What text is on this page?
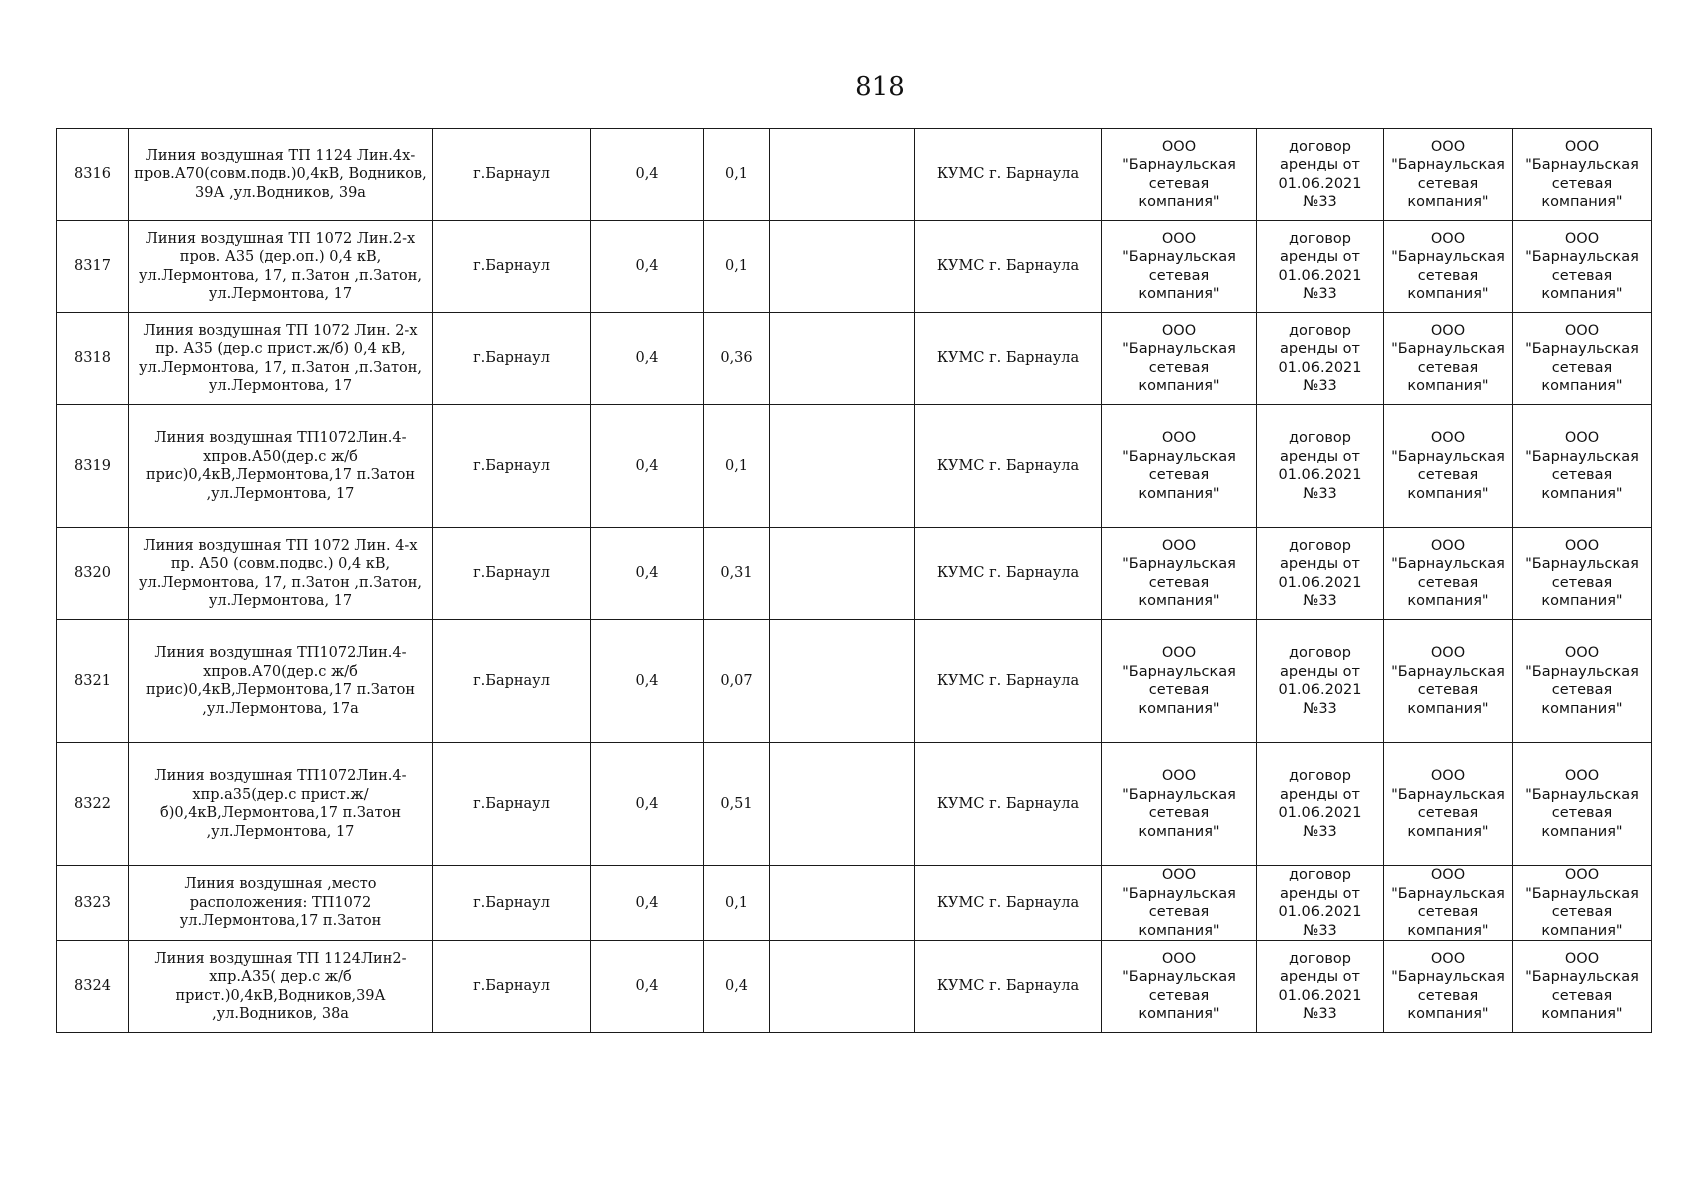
818
8316	Линия воздушная ТП 1124 Лин.4х-пров.А70(совм.подв.)0,4кВ, Водников, 39А ,ул.Водников, 39а	г.Барнаул	0,4	0,1		КУМС г. Барнаула	ООО
"Барнаульская
сетевая компания"	договор
аренды от
01.06.2021
№33	ООО
"Барнаульская
сетевая
компания"	ООО
"Барнаульская
сетевая
компания"

8317	Линия воздушная ТП 1072 Лин.2-х пров. А35 (дер.оп.) 0,4 кВ, ул.Лермонтова, 17, п.Затон ,п.Затон, ул.Лермонтова, 17	г.Барнаул	0,4	0,1		КУМС г. Барнаула	ООО
"Барнаульская
сетевая компания"	договор
аренды от
01.06.2021
№33	ООО
"Барнаульская
сетевая
компания"	ООО
"Барнаульская
сетевая
компания"

8318	Линия воздушная ТП 1072 Лин. 2-х пр. А35 (дер.с прист.ж/б) 0,4 кВ, ул.Лермонтова, 17, п.Затон ,п.Затон, ул.Лермонтова, 17	г.Барнаул	0,4	0,36		КУМС г. Барнаула	ООО
"Барнаульская
сетевая компания"	договор
аренды от
01.06.2021
№33	ООО
"Барнаульская
сетевая
компания"	ООО
"Барнаульская
сетевая
компания"

8319	Линия воздушная ТП1072Лин.4-хпров.А50(дер.с ж/б прис)0,4кВ,Лермонтова,17 п.Затон ,ул.Лермонтова, 17	г.Барнаул	0,4	0,1		КУМС г. Барнаула	ООО
"Барнаульская
сетевая компания"	договор
аренды от
01.06.2021
№33	ООО
"Барнаульская
сетевая
компания"	ООО
"Барнаульская
сетевая
компания"

8320	Линия воздушная ТП 1072 Лин. 4-х пр. А50 (совм.подвс.) 0,4 кВ, ул.Лермонтова, 17, п.Затон ,п.Затон, ул.Лермонтова, 17	г.Барнаул	0,4	0,31		КУМС г. Барнаула	ООО
"Барнаульская
сетевая компания"	договор
аренды от
01.06.2021
№33	ООО
"Барнаульская
сетевая
компания"	ООО
"Барнаульская
сетевая
компания"

8321	Линия воздушная ТП1072Лин.4-хпров.А70(дер.с ж/б прис)0,4кВ,Лермонтова,17 п.Затон ,ул.Лермонтова, 17а	г.Барнаул	0,4	0,07		КУМС г. Барнаула	ООО
"Барнаульская
сетевая компания"	договор
аренды от
01.06.2021
№33	ООО
"Барнаульская
сетевая
компания"	ООО
"Барнаульская
сетевая
компания"

8322	Линия воздушная ТП1072Лин.4-хпр.а35(дер.с прист.ж/б)0,4кВ,Лермонтова,17 п.Затон ,ул.Лермонтова, 17	г.Барнаул	0,4	0,51		КУМС г. Барнаула	ООО
"Барнаульская
сетевая компания"	договор
аренды от
01.06.2021
№33	ООО
"Барнаульская
сетевая
компания"	ООО
"Барнаульская
сетевая
компания"

8323	Линия воздушная ,место расположения: ТП1072 ул.Лермонтова,17 п.Затон	г.Барнаул	0,4	0,1		КУМС г. Барнаула	ООО
"Барнаульская
сетевая компания"	договор
аренды от
01.06.2021
№33	ООО
"Барнаульская
сетевая
компания"	ООО
"Барнаульская
сетевая
компания"

8324	Линия воздушная ТП 1124Лин2-хпр.А35( дер.с ж/б прист.)0,4кВ,Водников,39А ,ул.Водников, 38а	г.Барнаул	0,4	0,4		КУМС г. Барнаула	ООО
"Барнаульская
сетевая компания"	договор
аренды от
01.06.2021
№33	ООО
"Барнаульская
сетевая
компания"	ООО
"Барнаульская
сетевая
компания"
